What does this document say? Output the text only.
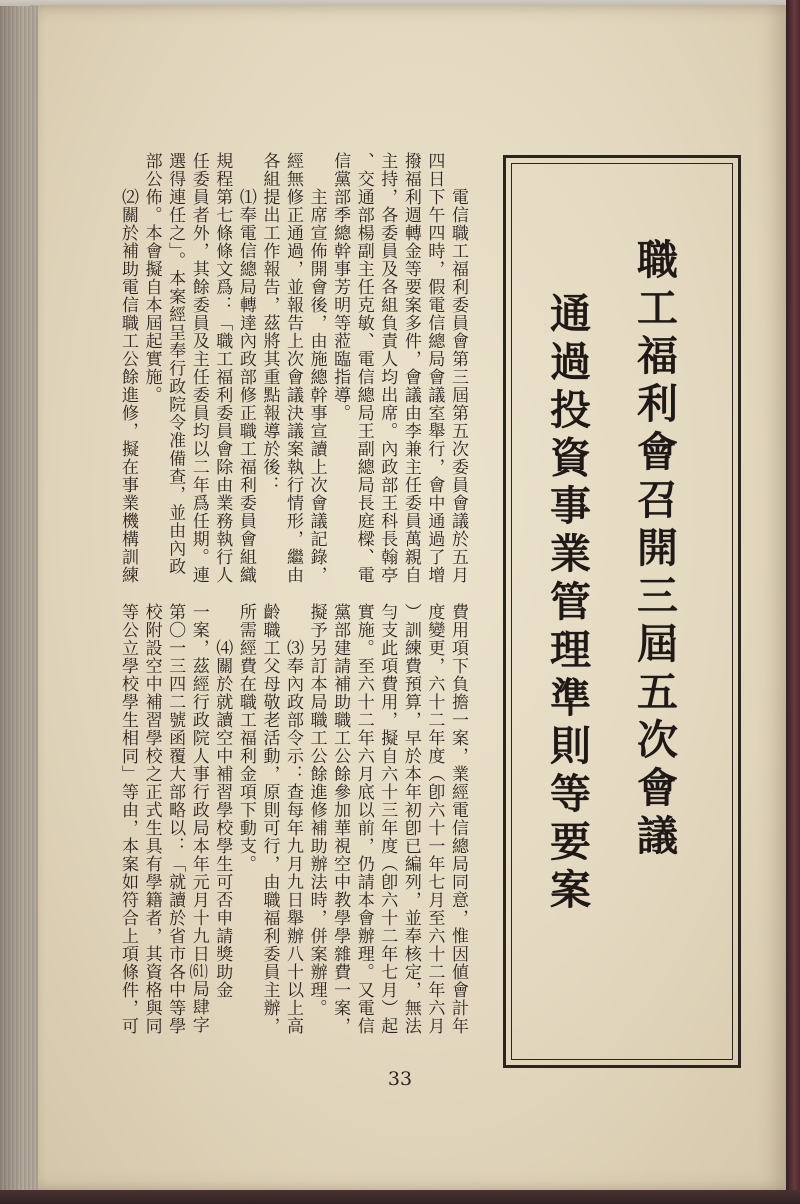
職工福利會召開三屆五次會議
通過投資事業管理準則等要案
電信職工福利委員會第三屆第五次委員會議於五月
四日下午四時，假電信總局會議室舉行，會中通過了增
撥福利週轉金等要案多件，會議由李兼主任委員萬親自
主持，各委員及各組負責人均出席。內政部王科長翰亭
、交通部楊副主任克敏、電信總局王副總局長庭樑、電
信黨部季總幹事芳明等蒞臨指導。
主席宣佈開會後，由施總幹事宣讀上次會議記錄，
經無修正通過，並報告上次會議決議案執行情形，繼由
各組提出工作報告，茲將其重點報導於後：
⑴奉電信總局轉達內政部修正職工福利委員會組織
規程第七條條文爲：「職工福利委員會除由業務執行人
任委員者外，其餘委員及主任委員均以二年爲任期。連
選得連任之」。本案經呈奉行政院令准備查，並由內政
部公佈。本會擬自本屆起實施。
⑵關於補助電信職工公餘進修，擬在事業機構訓練
費用項下負擔一案，業經電信總局同意，惟因値會計年
度變更，六十二年度（卽六十一年七月至六十二年六月
）訓練費預算，早於本年初卽已編列，並奉核定，無法
勻支此項費用，擬自六十三年度（卽六十二年七月）起
實施。至六十二年六月底以前，仍請本會辦理。又電信
黨部建請補助職工公餘參加華視空中教學學雜費一案，
擬予另訂本局職工公餘進修補助辦法時，併案辦理。
⑶奉內政部令示：查每年九月九日舉辦八十以上高
齡職工父母敬老活動，原則可行，由職福利委員主辦，
所需經費在職工福利金項下動支。
⑷關於就讀空中補習學校學生可否申請獎助金
一案，茲經行政院人事行政局本年元月十九日(61)局肆字
第〇一三四二號函覆大部略以：「就讀於省市各中等學
校附設空中補習學校之正式生具有學籍者，其資格與同
等公立學校學生相同」等由，本案如符合上項條件，可
33
